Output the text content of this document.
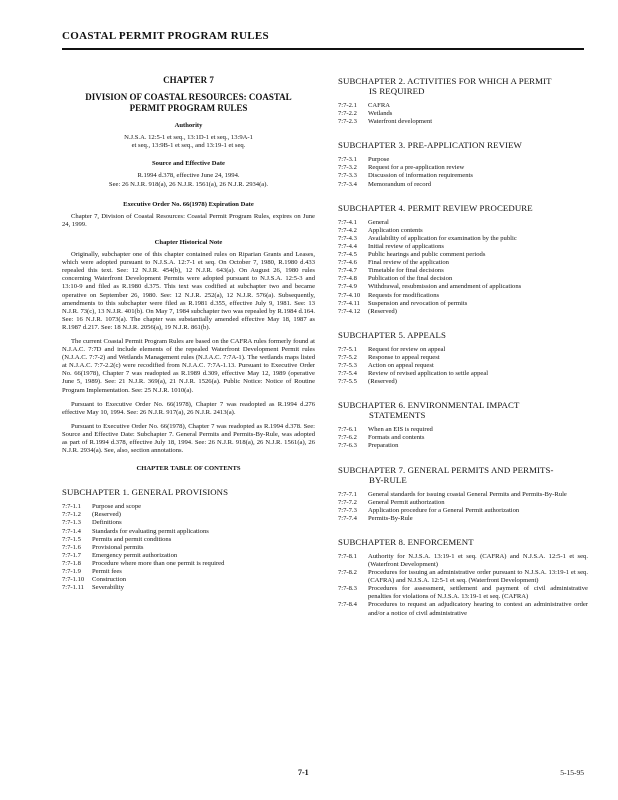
COASTAL PERMIT PROGRAM RULES
CHAPTER 7
DIVISION OF COASTAL RESOURCES: COASTAL
PERMIT PROGRAM RULES
Authority
N.J.S.A. 12:5-1 et seq., 13:1D-1 et seq., 13:9A-1
et seq., 13:9B-1 et seq., and 13:19-1 et seq.
Source and Effective Date
R.1994 d.378, effective June 24, 1994.
See: 26 N.J.R. 918(a), 26 N.J.R. 1561(a), 26 N.J.R. 2934(a).
Executive Order No. 66(1978) Expiration Date

Chapter 7, Division of Coastal Resources: Coastal Permit Program Rules, expires on June 24, 1999.

Chapter Historical Note

Originally, subchapter one of this chapter contained rules on Riparian Grants and Leases, which were adopted pursuant to N.J.S.A. 12:7-1 et seq. On October 7, 1980, R.1980 d.433 repealed this text. See: 12 N.J.R. 454(b), 12 N.J.R. 643(a). On August 26, 1980 rules concerning Waterfront Development Permits were adopted pursuant to N.J.S.A. 12:5-3 and 13:10-9 and filed as R.1980 d.375. This text was codified at subchapter two and became operative on September 26, 1980. See: 12 N.J.R. 252(a), 12 N.J.R. 576(a). Subsequently, amendments to this subchapter were filed as R.1981 d.355, effective July 9, 1981. See: 13 N.J.R. 73(c), 13 N.J.R. 401(b). On May 7, 1984 subchapter two was repealed by R.1984 d.164. See: 16 N.J.R. 1073(a). The chapter was substantially amended effective May 18, 1987 as R.1987 d.217. See: 18 N.J.R. 2056(a), 19 N.J.R. 861(b).

The current Coastal Permit Program Rules are based on the CAFRA rules formerly found at N.J.A.C. 7:7D and include elements of the repealed Waterfront Development Permit rules (N.J.A.C. 7:7-2) and Wetlands Management rules (N.J.A.C. 7:7A-1). The wetlands maps listed at N.J.A.C. 7:7-2.2(c) were recodified from N.J.A.C. 7:7A-1.13. Pursuant to Executive Order No. 66(1978), Chapter 7 was readopted as R.1989 d.309, effective May 12, 1989 (operative June 5, 1989). See: 21 N.J.R. 369(a), 21 N.J.R. 1526(a). Public Notice: Notice of Routine Program Implementation. See: 25 N.J.R. 1010(a).

Pursuant to Executive Order No. 66(1978), Chapter 7 was readopted as R.1994 d.276 effective May 10, 1994. See: 26 N.J.R. 917(a), 26 N.J.R. 2413(a).

Pursuant to Executive Order No. 66(1978), Chapter 7 was readopted as R.1994 d.378. See: Source and Effective Date: Subchapter 7. General Permits and Permits-By-Rule, was adopted as part of R.1994 d.378, effective July 18, 1994. See: 26 N.J.R. 918(a), 26 N.J.R. 1561(a), 26 N.J.R. 2934(a). See, also, section annotations.

CHAPTER TABLE OF CONTENTS
SUBCHAPTER 1. GENERAL PROVISIONS
7:7-1.1	Purpose and scope
7:7-1.2	(Reserved)
7:7-1.3	Definitions
7:7-1.4	Standards for evaluating permit applications
7:7-1.5	Permits and permit conditions
7:7-1.6	Provisional permits
7:7-1.7	Emergency permit authorization
7:7-1.8	Procedure where more than one permit is required
7:7-1.9	Permit fees
7:7-1.10	Construction
7:7-1.11	Severability
SUBCHAPTER 2. ACTIVITIES FOR WHICH A PERMIT
IS REQUIRED
7:7-2.1	CAFRA
7:7-2.2	Wetlands
7:7-2.3	Waterfront development
SUBCHAPTER 3. PRE-APPLICATION REVIEW
7:7-3.1	Purpose
7:7-3.2	Request for a pre-application review
7:7-3.3	Discussion of information requirements
7:7-3.4	Memorandum of record
SUBCHAPTER 4. PERMIT REVIEW PROCEDURE
7:7-4.1	General
7:7-4.2	Application contents
7:7-4.3	Availability of application for examination by the public
7:7-4.4	Initial review of applications
7:7-4.5	Public hearings and public comment periods
7:7-4.6	Final review of the application
7:7-4.7	Timetable for final decisions
7:7-4.8	Publication of the final decision
7:7-4.9	Withdrawal, resubmission and amendment of applications
7:7-4.10	Requests for modifications
7:7-4.11	Suspension and revocation of permits
7:7-4.12	(Reserved)
SUBCHAPTER 5. APPEALS
7:7-5.1	Request for review on appeal
7:7-5.2	Response to appeal request
7:7-5.3	Action on appeal request
7:7-5.4	Review of revised application to settle appeal
7:7-5.5	(Reserved)
SUBCHAPTER 6. ENVIRONMENTAL IMPACT
STATEMENTS
7:7-6.1	When an EIS is required
7:7-6.2	Formats and contents
7:7-6.3	Preparation
SUBCHAPTER 7. GENERAL PERMITS AND PERMITS-
BY-RULE
7:7-7.1	General standards for issuing coastal General Permits and Permits-By-Rule
7:7-7.2	General Permit authorization
7:7-7.3	Application procedure for a General Permit authorization
7:7-7.4	Permits-By-Rule
SUBCHAPTER 8. ENFORCEMENT
7:7-8.1	Authority for N.J.S.A. 13:19-1 et seq. (CAFRA) and N.J.S.A. 12:5-1 et seq. (Waterfront Development)
7:7-8.2	Procedures for issuing an administrative order pursuant to N.J.S.A. 13:19-1 et seq. (CAFRA) and N.J.S.A. 12:5-1 et seq. (Waterfront Development)
7:7-8.3	Procedures for assessment, settlement and payment of civil administrative penalties for violations of N.J.S.A. 13:19-1 et seq. (CAFRA)
7:7-8.4	Procedures to request an adjudicatory hearing to contest an administrative order and/or a notice of civil administrative
7-1	5-15-95
